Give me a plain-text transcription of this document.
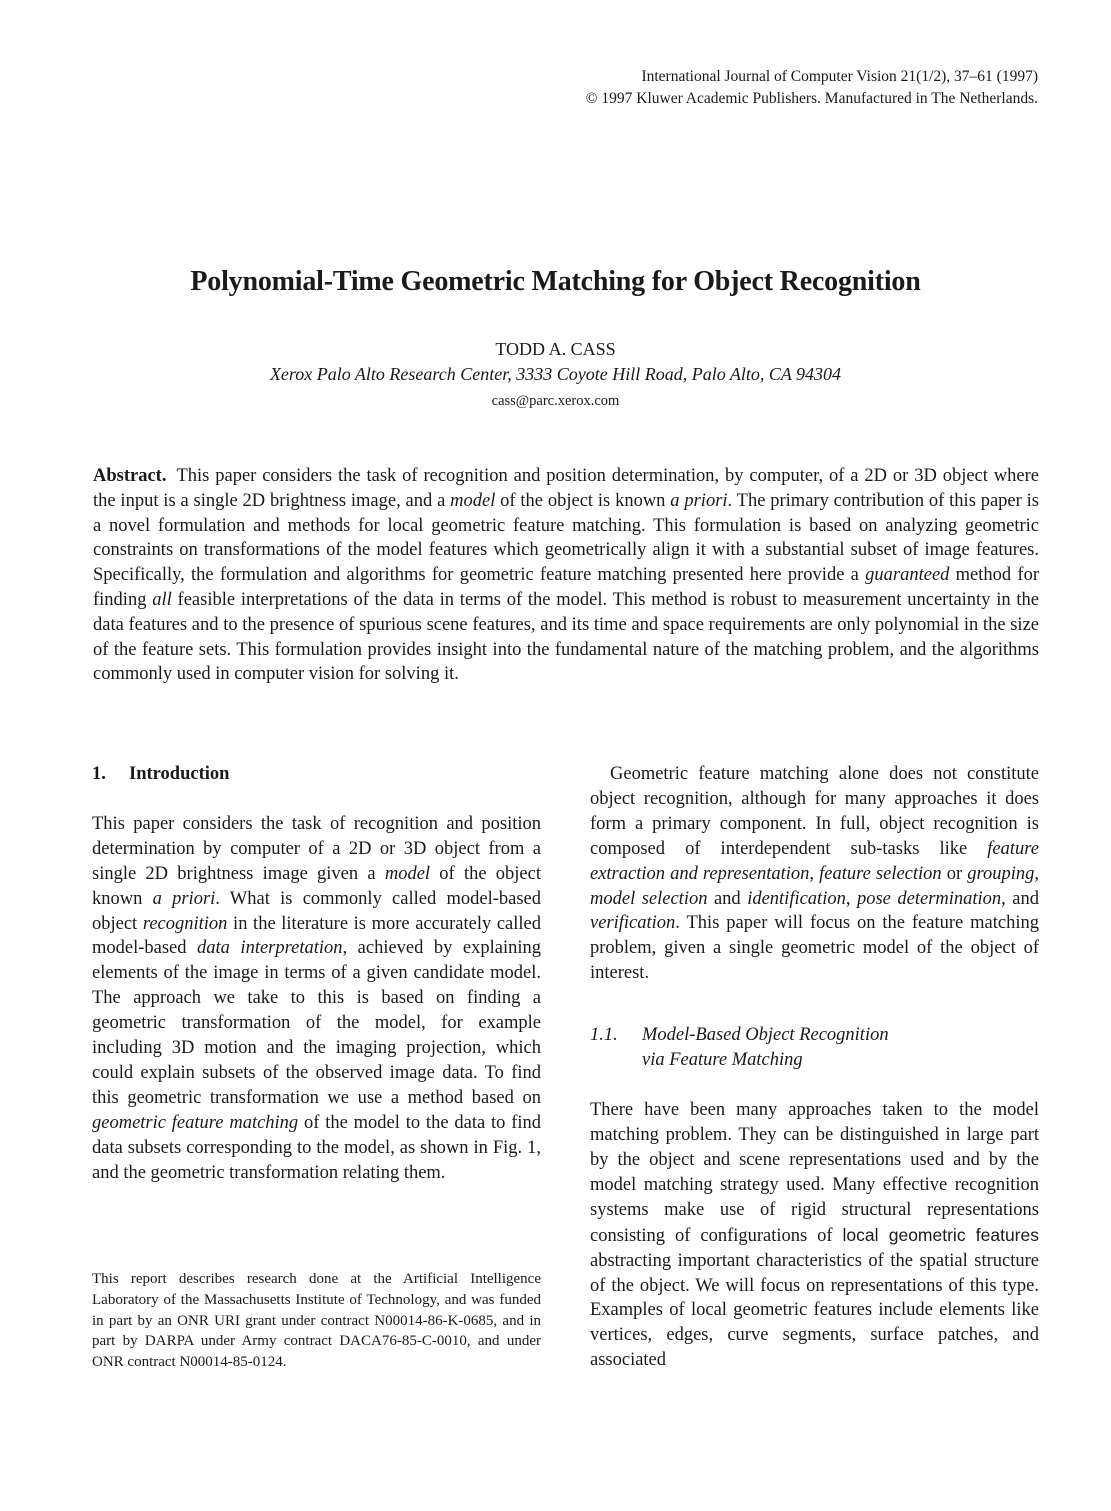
International Journal of Computer Vision 21(1/2), 37–61 (1997)
© 1997 Kluwer Academic Publishers. Manufactured in The Netherlands.
Polynomial-Time Geometric Matching for Object Recognition
TODD A. CASS
Xerox Palo Alto Research Center, 3333 Coyote Hill Road, Palo Alto, CA 94304
cass@parc.xerox.com
Abstract. This paper considers the task of recognition and position determination, by computer, of a 2D or 3D object where the input is a single 2D brightness image, and a model of the object is known a priori. The primary contribution of this paper is a novel formulation and methods for local geometric feature matching. This formulation is based on analyzing geometric constraints on transformations of the model features which geometrically align it with a substantial subset of image features. Specifically, the formulation and algorithms for geometric feature matching presented here provide a guaranteed method for finding all feasible interpretations of the data in terms of the model. This method is robust to measurement uncertainty in the data features and to the presence of spurious scene features, and its time and space requirements are only polynomial in the size of the feature sets. This formulation provides insight into the fundamental nature of the matching problem, and the algorithms commonly used in computer vision for solving it.
1. Introduction

This paper considers the task of recognition and position determination by computer of a 2D or 3D object from a single 2D brightness image given a model of the object known a priori. What is commonly called model-based object recognition in the literature is more accurately called model-based data interpretation, achieved by explaining elements of the image in terms of a given candidate model. The approach we take to this is based on finding a geometric transformation of the model, for example including 3D motion and the imaging projection, which could explain subsets of the observed image data. To find this geometric transformation we use a method based on geometric feature matching of the model to the data to find data subsets corresponding to the model, as shown in Fig. 1, and the geometric transformation relating them.

This report describes research done at the Artificial Intelligence Laboratory of the Massachusetts Institute of Technology, and was funded in part by an ONR URI grant under contract N00014-86-K-0685, and in part by DARPA under Army contract DACA76-85-C-0010, and under ONR contract N00014-85-0124.

Geometric feature matching alone does not constitute object recognition, although for many approaches it does form a primary component. In full, object recognition is composed of interdependent sub-tasks like feature extraction and representation, feature selection or grouping, model selection and identification, pose determination, and verification. This paper will focus on the feature matching problem, given a single geometric model of the object of interest.

1.1. Model-Based Object Recognition
via Feature Matching

There have been many approaches taken to the model matching problem. They can be distinguished in large part by the object and scene representations used and by the model matching strategy used. Many effective recognition systems make use of rigid structural representations consisting of configurations of local geometric features abstracting important characteristics of the spatial structure of the object. We will focus on representations of this type. Examples of local geometric features include elements like vertices, edges, curve segments, surface patches, and associated
